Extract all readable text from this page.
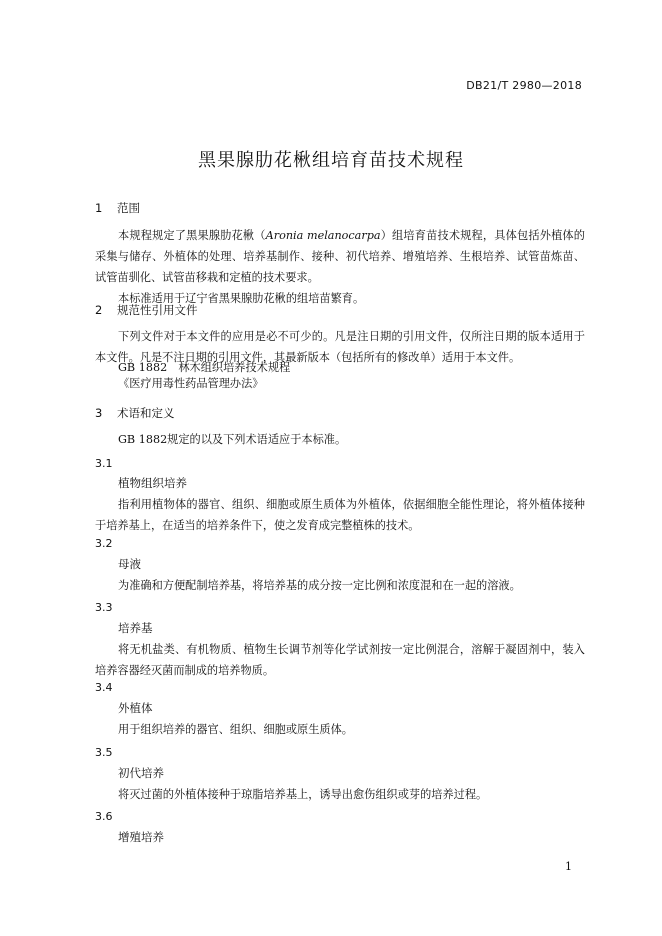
DB21/T 2980—2018
黑果腺肋花楸组培育苗技术规程
1 范围
本规程规定了黑果腺肋花楸（Aronia melanocarpa）组培育苗技术规程，具体包括外植体的采集与储存、外植体的处理、培养基制作、接种、初代培养、增殖培养、生根培养、试管苗炼苗、试管苗驯化、试管苗移栽和定植的技术要求。
本标准适用于辽宁省黑果腺肋花楸的组培苗繁育。
2 规范性引用文件
下列文件对于本文件的应用是必不可少的。凡是注日期的引用文件，仅所注日期的版本适用于本文件。凡是不注日期的引用文件，其最新版本（包括所有的修改单）适用于本文件。
GB 1882　林木组织培养技术规程
《医疗用毒性药品管理办法》
3 术语和定义
GB 1882规定的以及下列术语适应于本标准。
3.1
植物组织培养
指利用植物体的器官、组织、细胞或原生质体为外植体，依据细胞全能性理论，将外植体接种于培养基上，在适当的培养条件下，使之发育成完整植株的技术。
3.2
母液
为准确和方便配制培养基，将培养基的成分按一定比例和浓度混和在一起的溶液。
3.3
培养基
将无机盐类、有机物质、植物生长调节剂等化学试剂按一定比例混合，溶解于凝固剂中，装入培养容器经灭菌而制成的培养物质。
3.4
外植体
用于组织培养的器官、组织、细胞或原生质体。
3.5
初代培养
将灭过菌的外植体接种于琼脂培养基上，诱导出愈伤组织或芽的培养过程。
3.6
增殖培养
1
